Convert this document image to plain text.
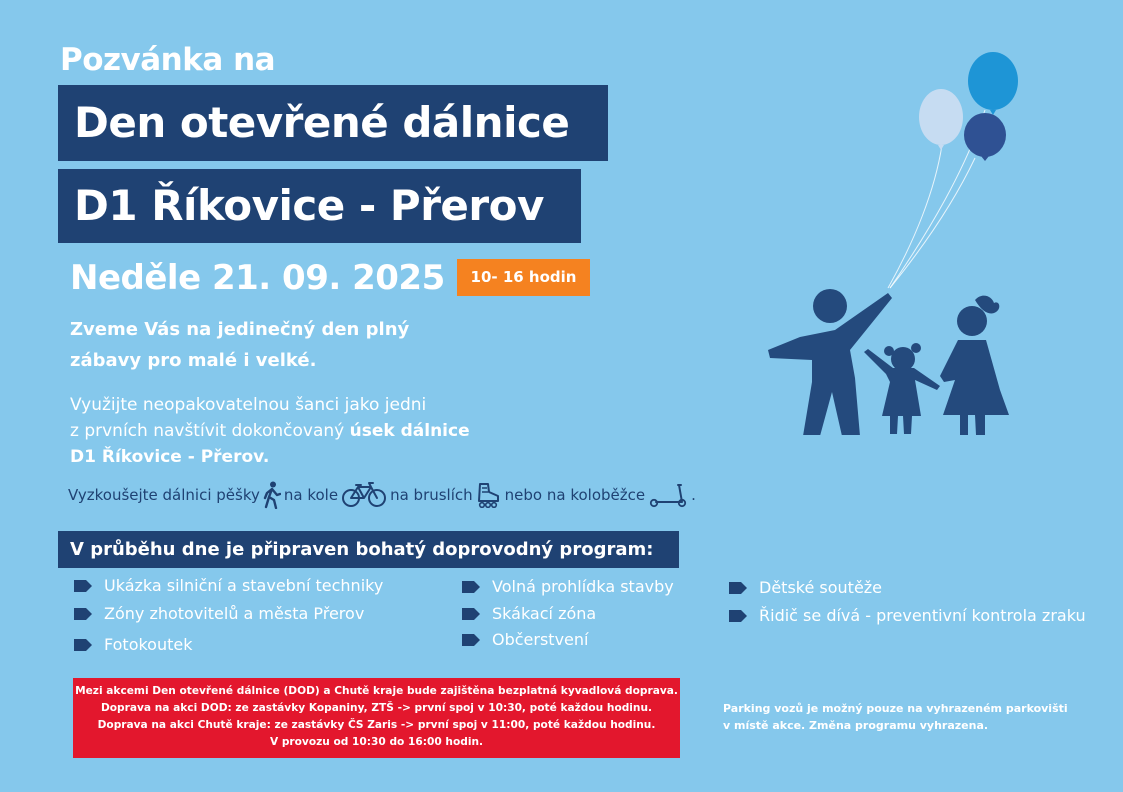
Pozvánka na
Den otevřené dálnice
D1 Říkovice - Přerov
Neděle 21. 09. 2025	10- 16 hodin
Zveme Vás na jedinečný den plný
zábavy pro malé i velké.
Využijte neopakovatelnou šanci jako jedni
z prvních navštívit dokončovaný úsek dálnice
D1 Říkovice - Přerov.
Vyzkoušejte dálnici pěšky na kole	na bruslích nebo na koloběžce	.
V průběhu dne je připraven bohatý doprovodný program:
Ukázka silniční a stavební techniky
Zóny zhotovitelů a města Přerov
Fotokoutek
Volná prohlídka stavby
Skákací zóna
Občerstvení
Dětské soutěže
Řidič se dívá - preventivní kontrola zraku
Mezi akcemi Den otevřené dálnice (DOD) a Chutě kraje bude zajištěna bezplatná kyvadlová doprava.
Doprava na akci DOD: ze zastávky Kopaniny, ZTŠ -> první spoj v 10:30, poté každou hodinu.
Doprava na akci Chutě kraje: ze zastávky ČS Zaris -> první spoj v 11:00, poté každou hodinu.
V provozu od 10:30 do 16:00 hodin.
Parking vozů je možný pouze na vyhrazeném parkovišti
v místě akce. Změna programu vyhrazena.
